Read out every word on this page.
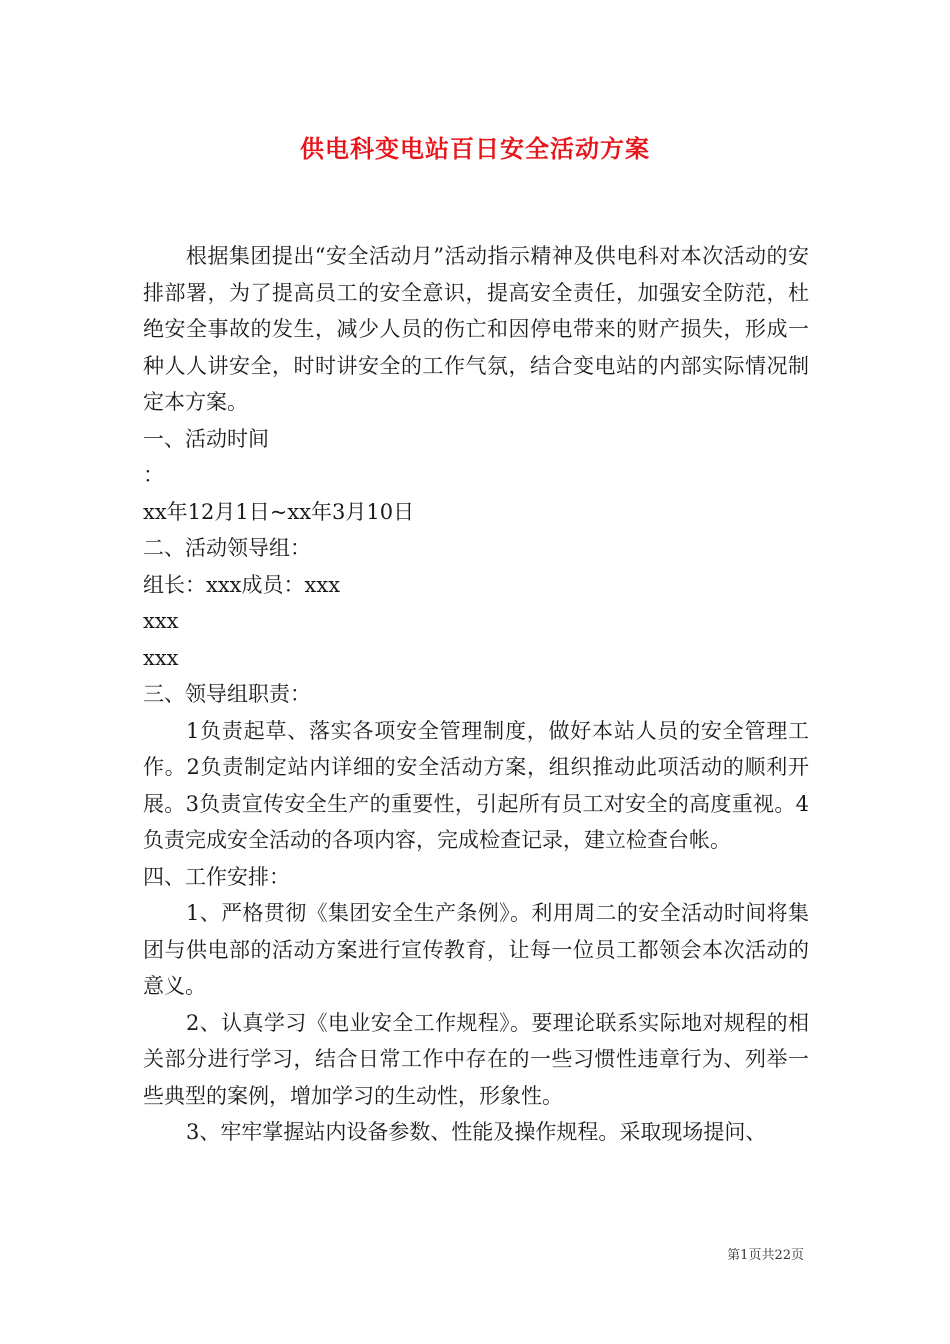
供电科变电站百日安全活动方案

根据集团提出“安全活动月”活动指示精神及供电科对本次活动的安排部署，为了提高员工的安全意识，提高安全责任，加强安全防范，杜绝安全事故的发生，减少人员的伤亡和因停电带来的财产损失，形成一种人人讲安全，时时讲安全的工作气氛，结合变电站的内部实际情况制定本方案。

一、活动时间

：

xx年12月1日~xx年3月10日

二、活动领导组：

组长：xxx成员：xxx

xxx

xxx

三、领导组职责：

1负责起草、落实各项安全管理制度，做好本站人员的安全管理工作。2负责制定站内详细的安全活动方案，组织推动此项活动的顺利开展。3负责宣传安全生产的重要性，引起所有员工对安全的高度重视。4负责完成安全活动的各项内容，完成检查记录，建立检查台帐。

四、工作安排：

1、严格贯彻《集团安全生产条例》。利用周二的安全活动时间将集团与供电部的活动方案进行宣传教育，让每一位员工都领会本次活动的意义。

2、认真学习《电业安全工作规程》。要理论联系实际地对规程的相关部分进行学习，结合日常工作中存在的一些习惯性违章行为、列举一些典型的案例，增加学习的生动性，形象性。

3、牢牢掌握站内设备参数、性能及操作规程。采取现场提问、

第1页共22页
